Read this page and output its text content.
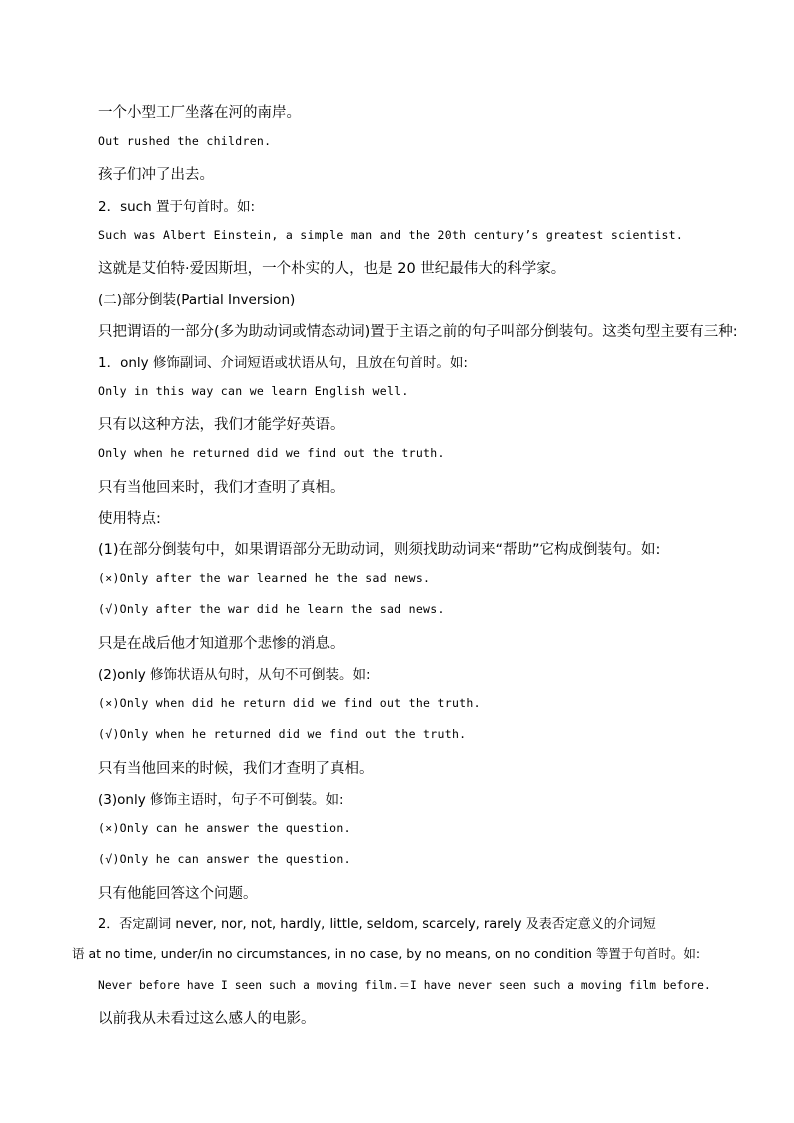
一个小型工厂坐落在河的南岸。

Out rushed the children.

孩子们冲了出去。

2．such 置于句首时。如:

Such was Albert Einstein, a simple man and the 20th century’s greatest scientist.

这就是艾伯特·爱因斯坦，一个朴实的人，也是 20 世纪最伟大的科学家。

(二)部分倒装(Partial Inversion)

只把谓语的一部分(多为助动词或情态动词)置于主语之前的句子叫部分倒装句。这类句型主要有三种:

1．only 修饰副词、介词短语或状语从句，且放在句首时。如:

Only in this way can we learn English well.

只有以这种方法，我们才能学好英语。

Only when he returned did we find out the truth.

只有当他回来时，我们才查明了真相。

使用特点:

(1)在部分倒装句中，如果谓语部分无助动词，则须找助动词来“帮助”它构成倒装句。如:

(×)Only after the war learned he the sad news.

(√)Only after the war did he learn the sad news.

只是在战后他才知道那个悲惨的消息。

(2)only 修饰状语从句时，从句不可倒装。如:

(×)Only when did he return did we find out the truth.

(√)Only when he returned did we find out the truth.

只有当他回来的时候，我们才查明了真相。

(3)only 修饰主语时，句子不可倒装。如:

(×)Only can he answer the question.

(√)Only he can answer the question.

只有他能回答这个问题。

2．否定副词 never, nor, not, hardly, little, seldom, scarcely, rarely 及表否定意义的介词短

语 at no time, under/in no circumstances, in no case, by no means, on no condition 等置于句首时。如:

Never before have I seen such a moving film.＝I have never seen such a moving film before.

以前我从未看过这么感人的电影。
